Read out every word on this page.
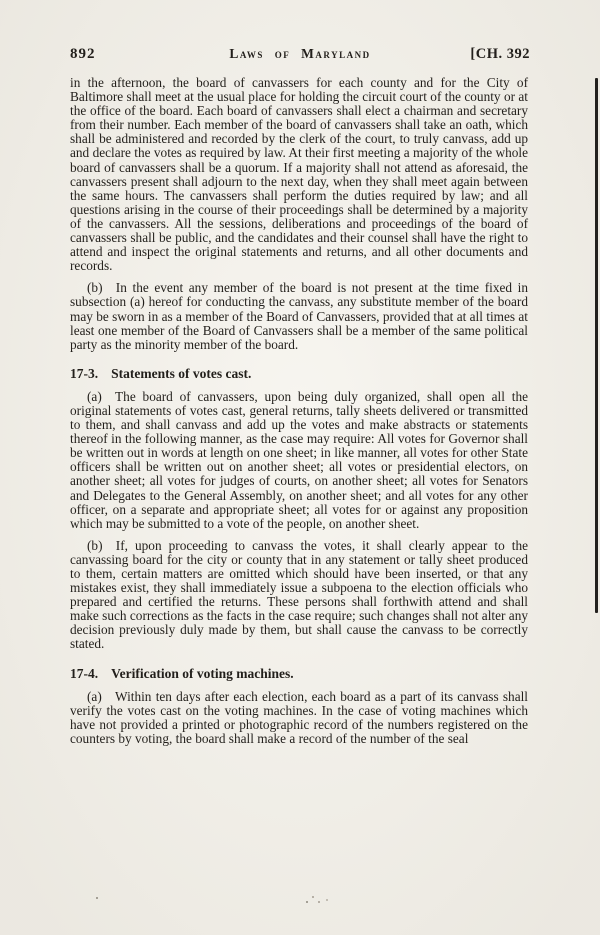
892	Laws of Maryland	[CH. 392

in the afternoon, the board of canvassers for each county and for the City of Baltimore shall meet at the usual place for holding the circuit court of the county or at the office of the board. Each board of canvassers shall elect a chairman and secretary from their number. Each member of the board of canvassers shall take an oath, which shall be administered and recorded by the clerk of the court, to truly canvass, add up and declare the votes as required by law. At their first meeting a majority of the whole board of canvassers shall be a quorum. If a majority shall not attend as aforesaid, the canvassers present shall adjourn to the next day, when they shall meet again between the same hours. The canvassers shall perform the duties required by law; and all questions arising in the course of their proceedings shall be determined by a majority of the canvassers. All the sessions, deliberations and proceedings of the board of canvassers shall be public, and the candidates and their counsel shall have the right to attend and inspect the original statements and returns, and all other documents and records.

(b) In the event any member of the board is not present at the time fixed in subsection (a) hereof for conducting the canvass, any substitute member of the board may be sworn in as a member of the Board of Canvassers, provided that at all times at least one member of the Board of Canvassers shall be a member of the same political party as the minority member of the board.

17-3. Statements of votes cast.

(a) The board of canvassers, upon being duly organized, shall open all the original statements of votes cast, general returns, tally sheets delivered or transmitted to them, and shall canvass and add up the votes and make abstracts or statements thereof in the following manner, as the case may require: All votes for Governor shall be written out in words at length on one sheet; in like manner, all votes for other State officers shall be written out on another sheet; all votes or presidential electors, on another sheet; all votes for judges of courts, on another sheet; all votes for Senators and Delegates to the General Assembly, on another sheet; and all votes for any other officer, on a separate and appropriate sheet; all votes for or against any proposition which may be submitted to a vote of the people, on another sheet.

(b) If, upon proceeding to canvass the votes, it shall clearly appear to the canvassing board for the city or county that in any statement or tally sheet produced to them, certain matters are omitted which should have been inserted, or that any mistakes exist, they shall immediately issue a subpoena to the election officials who prepared and certified the returns. These persons shall forthwith attend and shall make such corrections as the facts in the case require; such changes shall not alter any decision previously duly made by them, but shall cause the canvass to be correctly stated.

17-4. Verification of voting machines.

(a) Within ten days after each election, each board as a part of its canvass shall verify the votes cast on the voting machines. In the case of voting machines which have not provided a printed or photographic record of the numbers registered on the counters by voting, the board shall make a record of the number of the seal
